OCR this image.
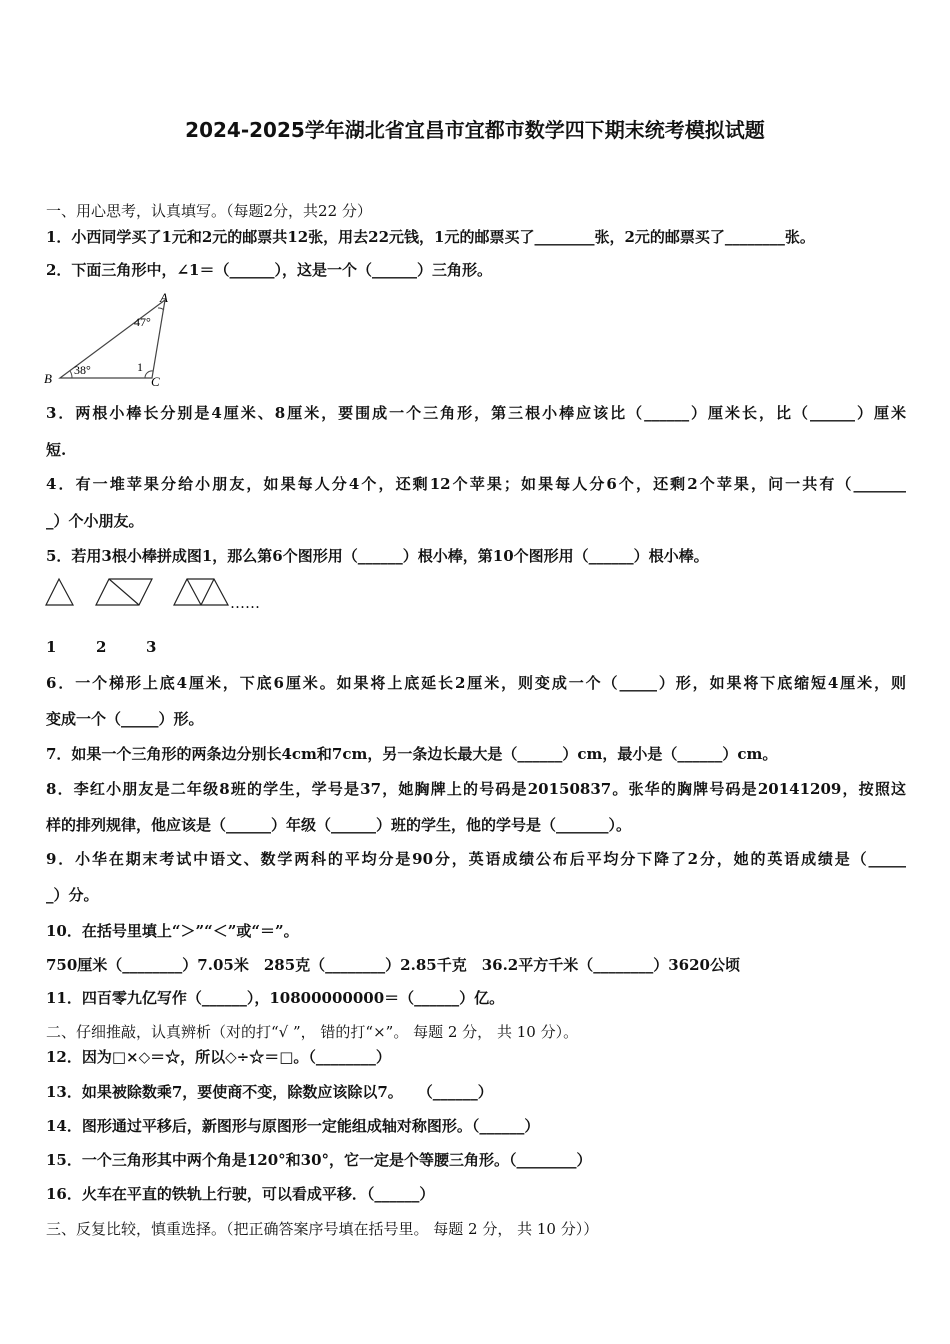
2024-2025学年湖北省宜昌市宜都市数学四下期末统考模拟试题
一、用心思考，认真填写。（每题2分，共22 分）
1．小西同学买了1元和2元的邮票共12张，用去22元钱，1元的邮票买了________张，2元的邮票买了________张。
2．下面三角形中，∠1＝（______），这是一个（______）三角形。
A
B	C
47°
38°	1
3．两根小棒长分别是4厘米、8厘米，要围成一个三角形，第三根小棒应该比（______）厘米长，比（______）厘米
短.
4．有一堆苹果分给小朋友，如果每人分4个，还剩12个苹果；如果每人分6个，还剩2个苹果，问一共有（_______
_）个小朋友。
5．若用3根小棒拼成图1，那么第6个图形用（______）根小棒，第10个图形用（______）根小棒。
……
1	2	3
6．一个梯形上底4厘米，下底6厘米。如果将上底延长2厘米，则变成一个（_____）形，如果将下底缩短4厘米，则
变成一个（_____）形。
7．如果一个三角形的两条边分别长4cm和7cm，另一条边长最大是（______）cm，最小是（______）cm。
8．李红小朋友是二年级8班的学生，学号是37，她胸牌上的号码是20150837。张华的胸牌号码是20141209，按照这
样的排列规律，他应该是（______）年级（______）班的学生，他的学号是（_______）。
9．小华在期末考试中语文、数学两科的平均分是90分，英语成绩公布后平均分下降了2分，她的英语成绩是（_____
_）分。
10．在括号里填上“＞”“＜”或“＝”。
750厘米（________）7.05米　285克（________）2.85千克　36.2平方千米（________）3620公顷
11．四百零九亿写作（______），10800000000＝（______）亿。
二、仔细推敲，认真辨析（对的打“√ ”， 错的打“×”。 每题 2 分， 共 10 分）。
12．因为□×◇＝☆，所以◇÷☆＝□。（________）
13．如果被除数乘7，要使商不变，除数应该除以7。　　（______）
14．图形通过平移后，新图形与原图形一定能组成轴对称图形。（______）
15．一个三角形其中两个角是120°和30°，它一定是个等腰三角形。（________）
16．火车在平直的铁轨上行驶，可以看成平移．（______）
三、反复比较，慎重选择。（把正确答案序号填在括号里。 每题 2 分， 共 10 分））
